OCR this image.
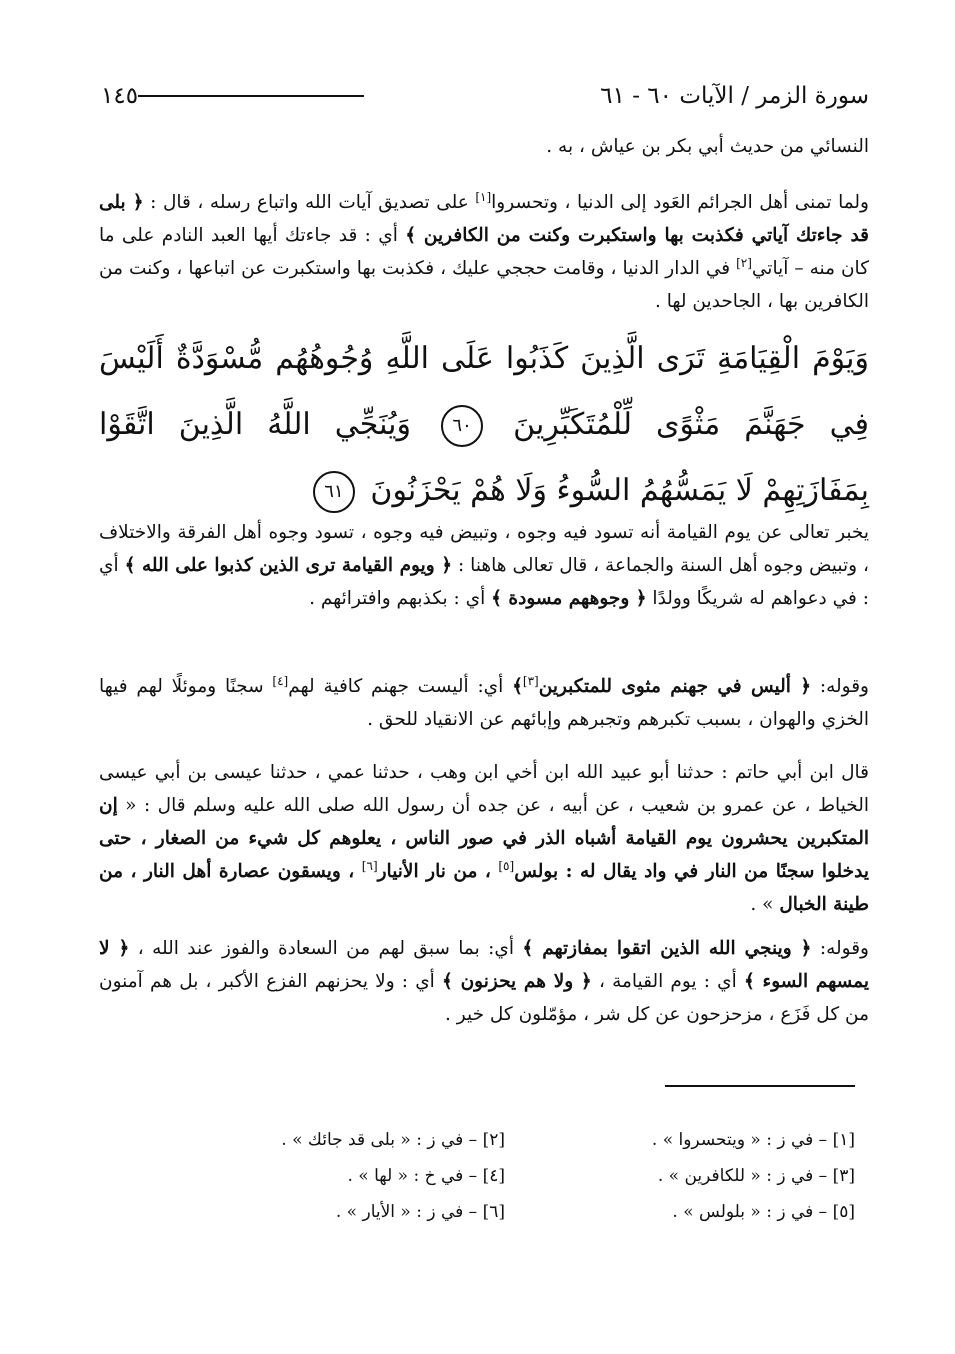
سورة الزمر / الآيات ٦٠ - ٦١
١٤٥

النسائي من حديث أبي بكر بن عياش ، به .

ولما تمنى أهل الجرائم العَود إلى الدنيا ، وتحسروا[١] على تصديق آيات الله واتباع رسله ، قال : ﴿ بلى قد جاءتك آياتي فكذبت بها واستكبرت وكنت من الكافرين ﴾ أي : قد جاءتك أيها العبد النادم على ما كان منه – آياتي[٢] في الدار الدنيا ، وقامت حججي عليك ، فكذبت بها واستكبرت عن اتباعها ، وكنت من الكافرين بها ، الجاحدين لها .

وَيَوْمَ الْقِيَامَةِ تَرَى الَّذِينَ كَذَبُوا عَلَى اللَّهِ وُجُوهُهُم مُّسْوَدَّةٌ أَلَيْسَ فِي جَهَنَّمَ مَثْوًى لِّلْمُتَكَبِّرِينَ ٦٠ وَيُنَجِّي اللَّهُ الَّذِينَ اتَّقَوْا بِمَفَازَتِهِمْ لَا يَمَسُّهُمُ السُّوءُ وَلَا هُمْ يَحْزَنُونَ ٦١

يخبر تعالى عن يوم القيامة أنه تسود فيه وجوه ، وتبيض فيه وجوه ، تسود وجوه أهل الفرقة والاختلاف ، وتبيض وجوه أهل السنة والجماعة ، قال تعالى هاهنا : ﴿ ويوم القيامة ترى الذين كذبوا على الله ﴾ أي : في دعواهم له شريكًا وولدًا ﴿ وجوههم مسودة ﴾ أي : بكذبهم وافترائهم .

وقوله: ﴿ أليس في جهنم مثوى للمتكبرين[٣]﴾ أي: أليست جهنم كافية لهم[٤] سجنًا وموئلًا لهم فيها الخزي والهوان ، بسبب تكبرهم وتجبرهم وإبائهم عن الانقياد للحق .

قال ابن أبي حاتم : حدثنا أبو عبيد الله ابن أخي ابن وهب ، حدثنا عمي ، حدثنا عيسى بن أبي عيسى الخياط ، عن عمرو بن شعيب ، عن أبيه ، عن جده أن رسول الله صلى الله عليه وسلم قال : « إن المتكبرين يحشرون يوم القيامة أشباه الذر في صور الناس ، يعلوهم كل شيء من الصغار ، حتى يدخلوا سجنًا من النار في واد يقال له : بولس[٥] ، من نار الأنيار[٦] ، ويسقون عصارة أهل النار ، من طينة الخبال » .

وقوله: ﴿ وينجي الله الذين اتقوا بمفازتهم ﴾ أي: بما سبق لهم من السعادة والفوز عند الله ، ﴿ لا يمسهم السوء ﴾ أي : يوم القيامة ، ﴿ ولا هم يحزنون ﴾ أي : ولا يحزنهم الفزع الأكبر ، بل هم آمنون من كل فَزَع ، مزحزحون عن كل شر ، مؤمّلون كل خير .

[١] – في ز : « ويتحسروا » .
[٢] – في ز : « بلى قد جائك » .
[٣] – في ز : « للكافرين » .
[٤] – في خ : « لها » .
[٥] – في ز : « بلولس » .
[٦] – في ز : « الأيار » .
